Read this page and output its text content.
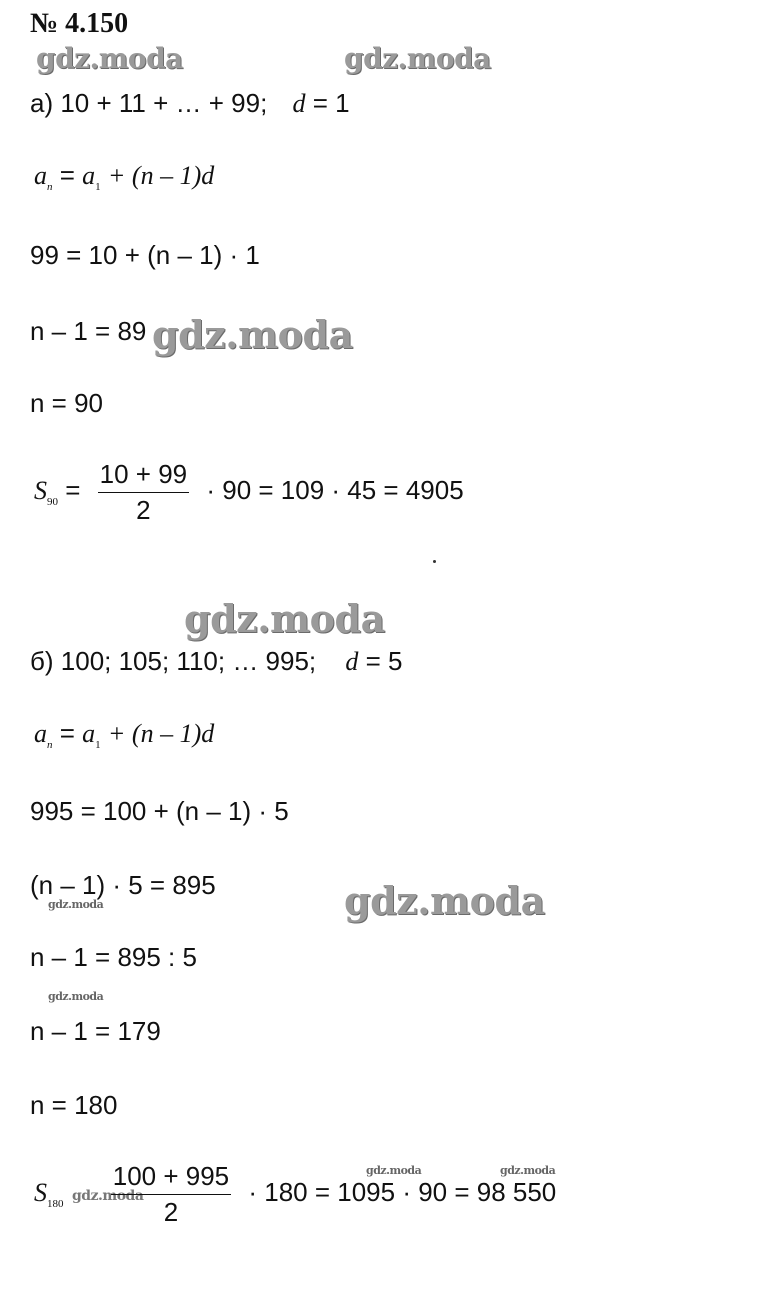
№ 4.150
gdz.moda	gdz.moda
gdz.moda
gdz.moda
gdz.moda
gdz.moda
gdz.moda
gdz.moda	gdz.moda
gdz.moda
а) 10 + 11 + … + 99; d = 1
$a_n = a_1 + (n - 1)d$
99 = 10 + (n – 1) · 1
n – 1 = 89
n = 90
$S_{90} = \frac{10 + 99}{2} \cdot 90 = 109 \cdot 45 = 4905$
б) 100; 105; 110; … 995; d = 5
$a_n = a_1 + (n - 1)d$
995 = 100 + (n – 1) · 5
(n – 1) · 5 = 895
n – 1 = 895 : 5
n – 1 = 179
n = 180
$S_{180} \frac{100 + 995}{2} \cdot 180 = 1095 \cdot 90 = 98$ 550
